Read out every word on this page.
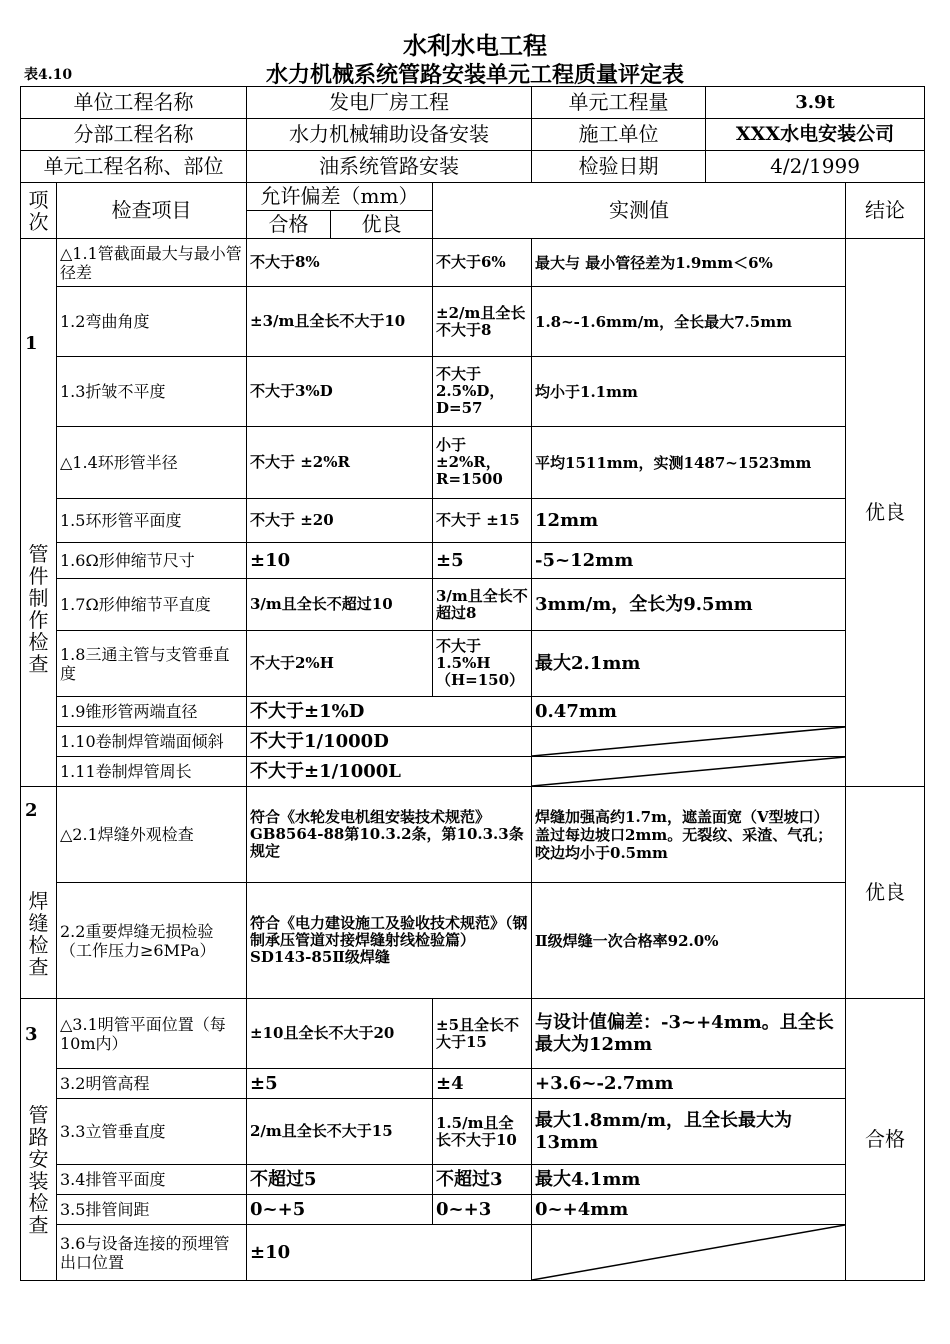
水利水电工程
表4.10	水力机械系统管路安装单元工程质量评定表
单位工程名称		发电厂房工程			单元工程量	3.9t	
分部工程名称		水力机械辅助设备安装			施工单位	XXX水电安装公司	
单元工程名称、部位		油系统管路安装			检验日期	4/2/1999	
项次	检查项目	允许偏差（mm）		实测值			结论
		合格	优良				

1
管件制作检查	△1.1管截面最大与最小管径差	不大于8%		不大于6%	最大与 最小管径差为1.9mm＜6%		优良
	1.2弯曲角度	±3/m且全长不大于10		±2/m且全长不大于8	1.8~-1.6mm/m，全长最大7.5mm		
	1.3折皱不平度	不大于3%D		不大于2.5%D，D=57	均小于1.1mm		
	△1.4环形管半径	不大于 ±2%R		小于 ±2%R，R=1500	平均1511mm，实测1487~1523mm		
	1.5环形管平面度	不大于 ±20		不大于 ±15	12mm		
	1.6Ω形伸缩节尺寸	±10		±5	-5~12mm		
	1.7Ω形伸缩节平直度	3/m且全长不超过10		3/m且全长不超过8	3mm/m，全长为9.5mm		
	1.8三通主管与支管垂直度	不大于2%H		不大于1.5%H（H=150）	最大2.1mm		
	1.9锥形管两端直径	不大于±1%D			0.47mm		
	1.10卷制焊管端面倾斜	不大于1/1000D	

	1.11卷制焊管周长	不大于±1/1000L	

2
焊缝检查	△2.1焊缝外观检查	符合《水轮发电机组安装技术规范》GB8564-88第10.3.2条，第10.3.3条规定			焊缝加强高约1.7m，遮盖面宽（V型坡口）盖过每边坡口2mm。无裂纹、采渣、气孔；咬边均小于0.5mm		优良
	2.2重要焊缝无损检验（工作压力≥6MPa）	符合《电力建设施工及验收技术规范》（钢制承压管道对接焊缝射线检验篇）SD143-85Ⅱ级焊缝			Ⅱ级焊缝一次合格率92.0%		

3
管路安装检查	△3.1明管平面位置（每10m内）	±10且全长不大于20		±5且全长不大于15	与设计值偏差：-3~+4mm。且全长最大为12mm		合格
	3.2明管高程	±5		±4	+3.6~-2.7mm		
	3.3立管垂直度	2/m且全长不大于15		1.5/m且全长不大于10	最大1.8mm/m，且全长最大为13mm		
	3.4排管平面度	不超过5		不超过3	最大4.1mm		
	3.5排管间距	0~+5		0~+3	0~+4mm		
	3.6与设备连接的预埋管出口位置	±10	
